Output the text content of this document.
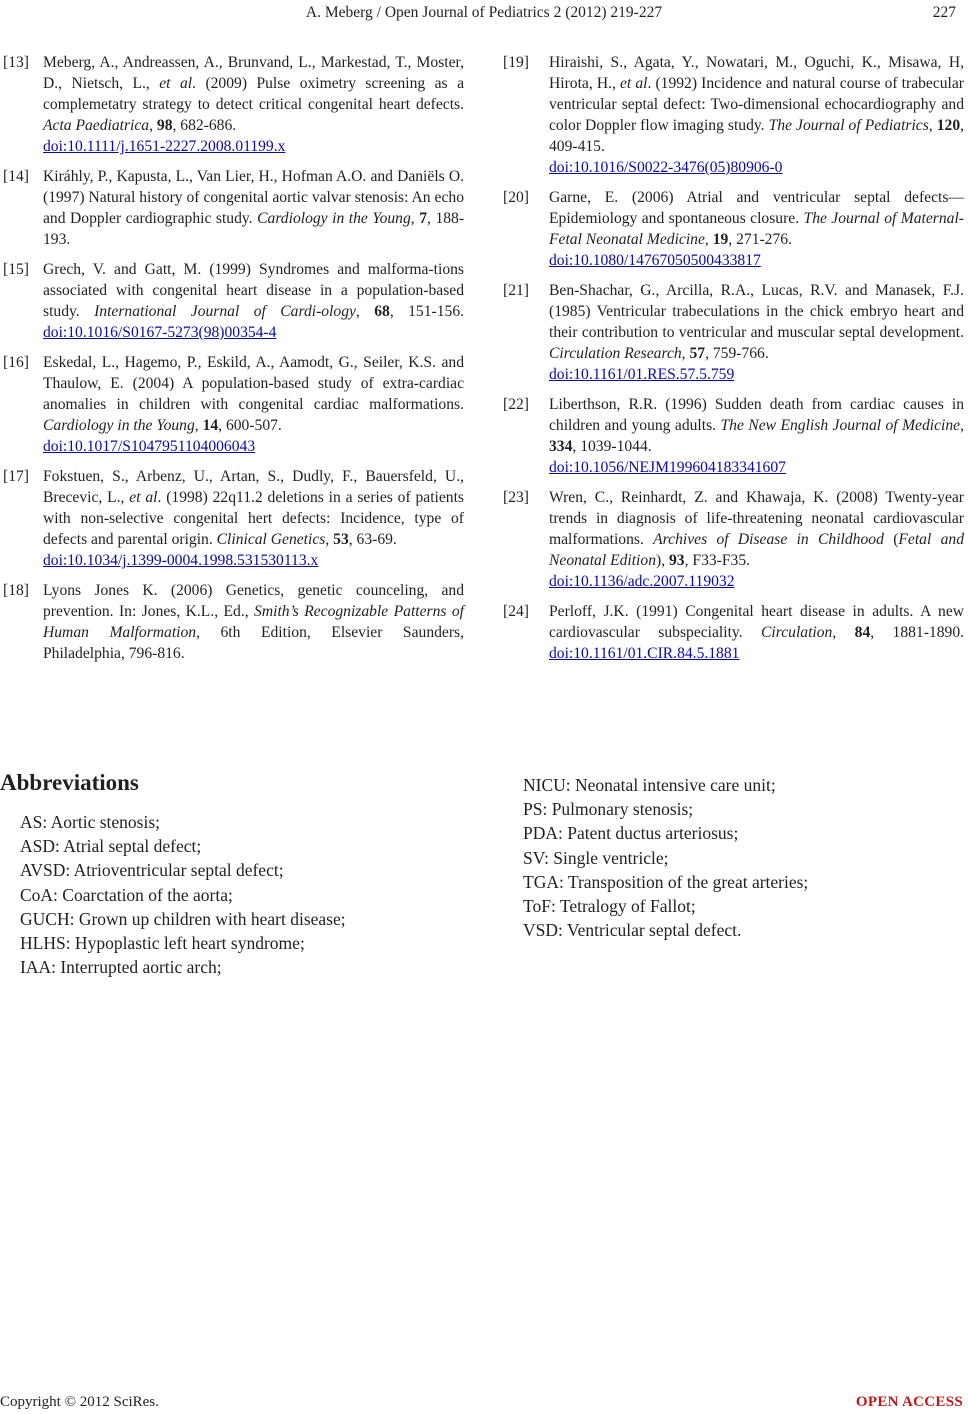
A. Meberg / Open Journal of Pediatrics 2 (2012) 219-227	227
[13] Meberg, A., Andreassen, A., Brunvand, L., Markestad, T., Moster, D., Nietsch, L., et al. (2009) Pulse oximetry screening as a complemetatry strategy to detect critical congenital heart defects. Acta Paediatrica, 98, 682-686.
doi:10.1111/j.1651-2227.2008.01199.x
[14] Kiráhly, P., Kapusta, L., Van Lier, H., Hofman A.O. and Daniëls O. (1997) Natural history of congenital aortic valvar stenosis: An echo and Doppler cardiographic study. Cardiology in the Young, 7, 188-193.
[15] Grech, V. and Gatt, M. (1999) Syndromes and malforma-tions associated with congenital heart disease in a population-based study. International Journal of Cardi-ology, 68, 151-156. doi:10.1016/S0167-5273(98)00354-4
[16] Eskedal, L., Hagemo, P., Eskild, A., Aamodt, G., Seiler, K.S. and Thaulow, E. (2004) A population-based study of extra-cardiac anomalies in children with congenital cardiac malformations. Cardiology in the Young, 14, 600-507.
doi:10.1017/S1047951104006043
[17] Fokstuen, S., Arbenz, U., Artan, S., Dudly, F., Bauersfeld, U., Brecevic, L., et al. (1998) 22q11.2 deletions in a series of patients with non-selective congenital hert defects: Incidence, type of defects and parental origin. Clinical Genetics, 53, 63-69.
doi:10.1034/j.1399-0004.1998.531530113.x
[18] Lyons Jones K. (2006) Genetics, genetic counceling, and prevention. In: Jones, K.L., Ed., Smith’s Recognizable Patterns of Human Malformation, 6th Edition, Elsevier Saunders, Philadelphia, 796-816.
[19] Hiraishi, S., Agata, Y., Nowatari, M., Oguchi, K., Misawa, H, Hirota, H., et al. (1992) Incidence and natural course of trabecular ventricular septal defect: Two-dimensional echocardiography and color Doppler flow imaging study. The Journal of Pediatrics, 120, 409-415.
doi:10.1016/S0022-3476(05)80906-0
[20] Garne, E. (2006) Atrial and ventricular septal defects—Epidemiology and spontaneous closure. The Journal of Maternal-Fetal Neonatal Medicine, 19, 271-276.
doi:10.1080/14767050500433817
[21] Ben-Shachar, G., Arcilla, R.A., Lucas, R.V. and Manasek, F.J. (1985) Ventricular trabeculations in the chick embryo heart and their contribution to ventricular and muscular septal development. Circulation Research, 57, 759-766.
doi:10.1161/01.RES.57.5.759
[22] Liberthson, R.R. (1996) Sudden death from cardiac causes in children and young adults. The New English Journal of Medicine, 334, 1039-1044.
doi:10.1056/NEJM199604183341607
[23] Wren, C., Reinhardt, Z. and Khawaja, K. (2008) Twenty-year trends in diagnosis of life-threatening neonatal cardiovascular malformations. Archives of Disease in Childhood (Fetal and Neonatal Edition), 93, F33-F35.
doi:10.1136/adc.2007.119032
[24] Perloff, J.K. (1991) Congenital heart disease in adults. A new cardiovascular subspeciality. Circulation, 84, 1881-1890. doi:10.1161/01.CIR.84.5.1881
Abbreviations
AS: Aortic stenosis;
ASD: Atrial septal defect;
AVSD: Atrioventricular septal defect;
CoA: Coarctation of the aorta;
GUCH: Grown up children with heart disease;
HLHS: Hypoplastic left heart syndrome;
IAA: Interrupted aortic arch;
NICU: Neonatal intensive care unit;
PS: Pulmonary stenosis;
PDA: Patent ductus arteriosus;
SV: Single ventricle;
TGA: Transposition of the great arteries;
ToF: Tetralogy of Fallot;
VSD: Ventricular septal defect.
Copyright © 2012 SciRes.	OPEN ACCESS
